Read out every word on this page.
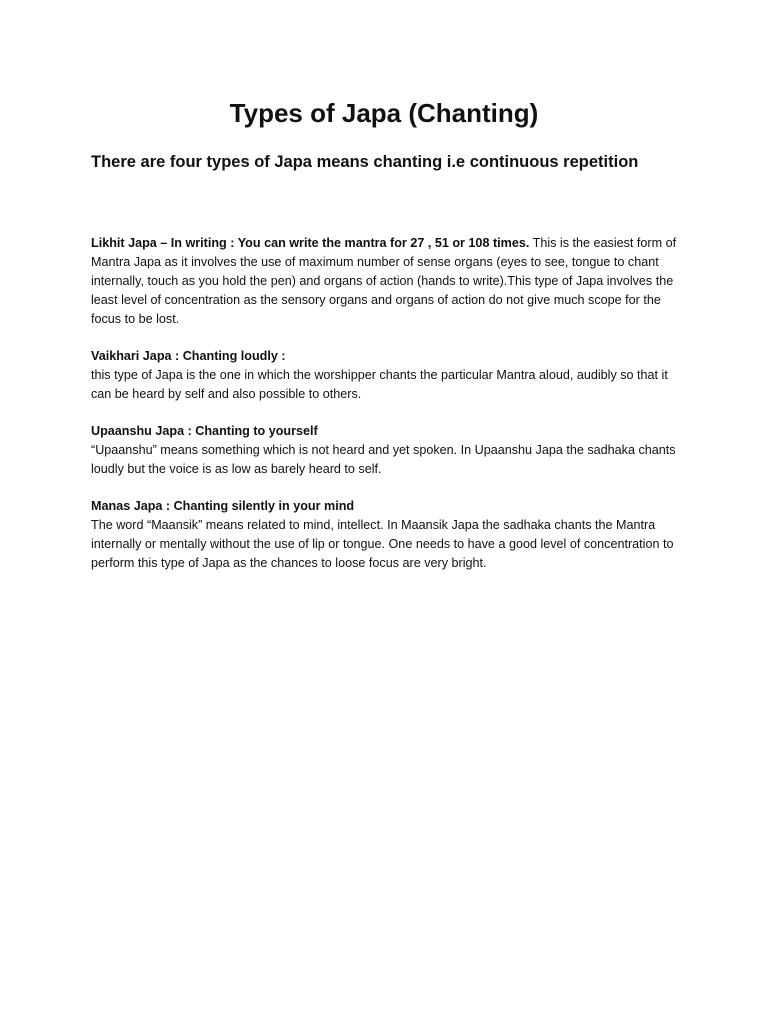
Types of Japa (Chanting)
There are four types of Japa means chanting i.e continuous repetition

Likhit Japa – In writing : You can write the mantra for 27 , 51 or 108 times. This is the easiest form of Mantra Japa as it involves the use of maximum number of sense organs (eyes to see, tongue to chant internally, touch as you hold the pen) and organs of action (hands to write).This type of Japa involves the least level of concentration as the sensory organs and organs of action do not give much scope for the focus to be lost.

Vaikhari Japa : Chanting loudly :

this type of Japa is the one in which the worshipper chants the particular Mantra aloud, audibly so that it can be heard by self and also possible to others.

Upaanshu Japa : Chanting to yourself

“Upaanshu” means something which is not heard and yet spoken. In Upaanshu Japa the sadhaka chants loudly but the voice is as low as barely heard to self.

Manas Japa : Chanting silently in your mind

The word “Maansik” means related to mind, intellect. In Maansik Japa the sadhaka chants the Mantra internally or mentally without the use of lip or tongue. One needs to have a good level of concentration to perform this type of Japa as the chances to loose focus are very bright.
